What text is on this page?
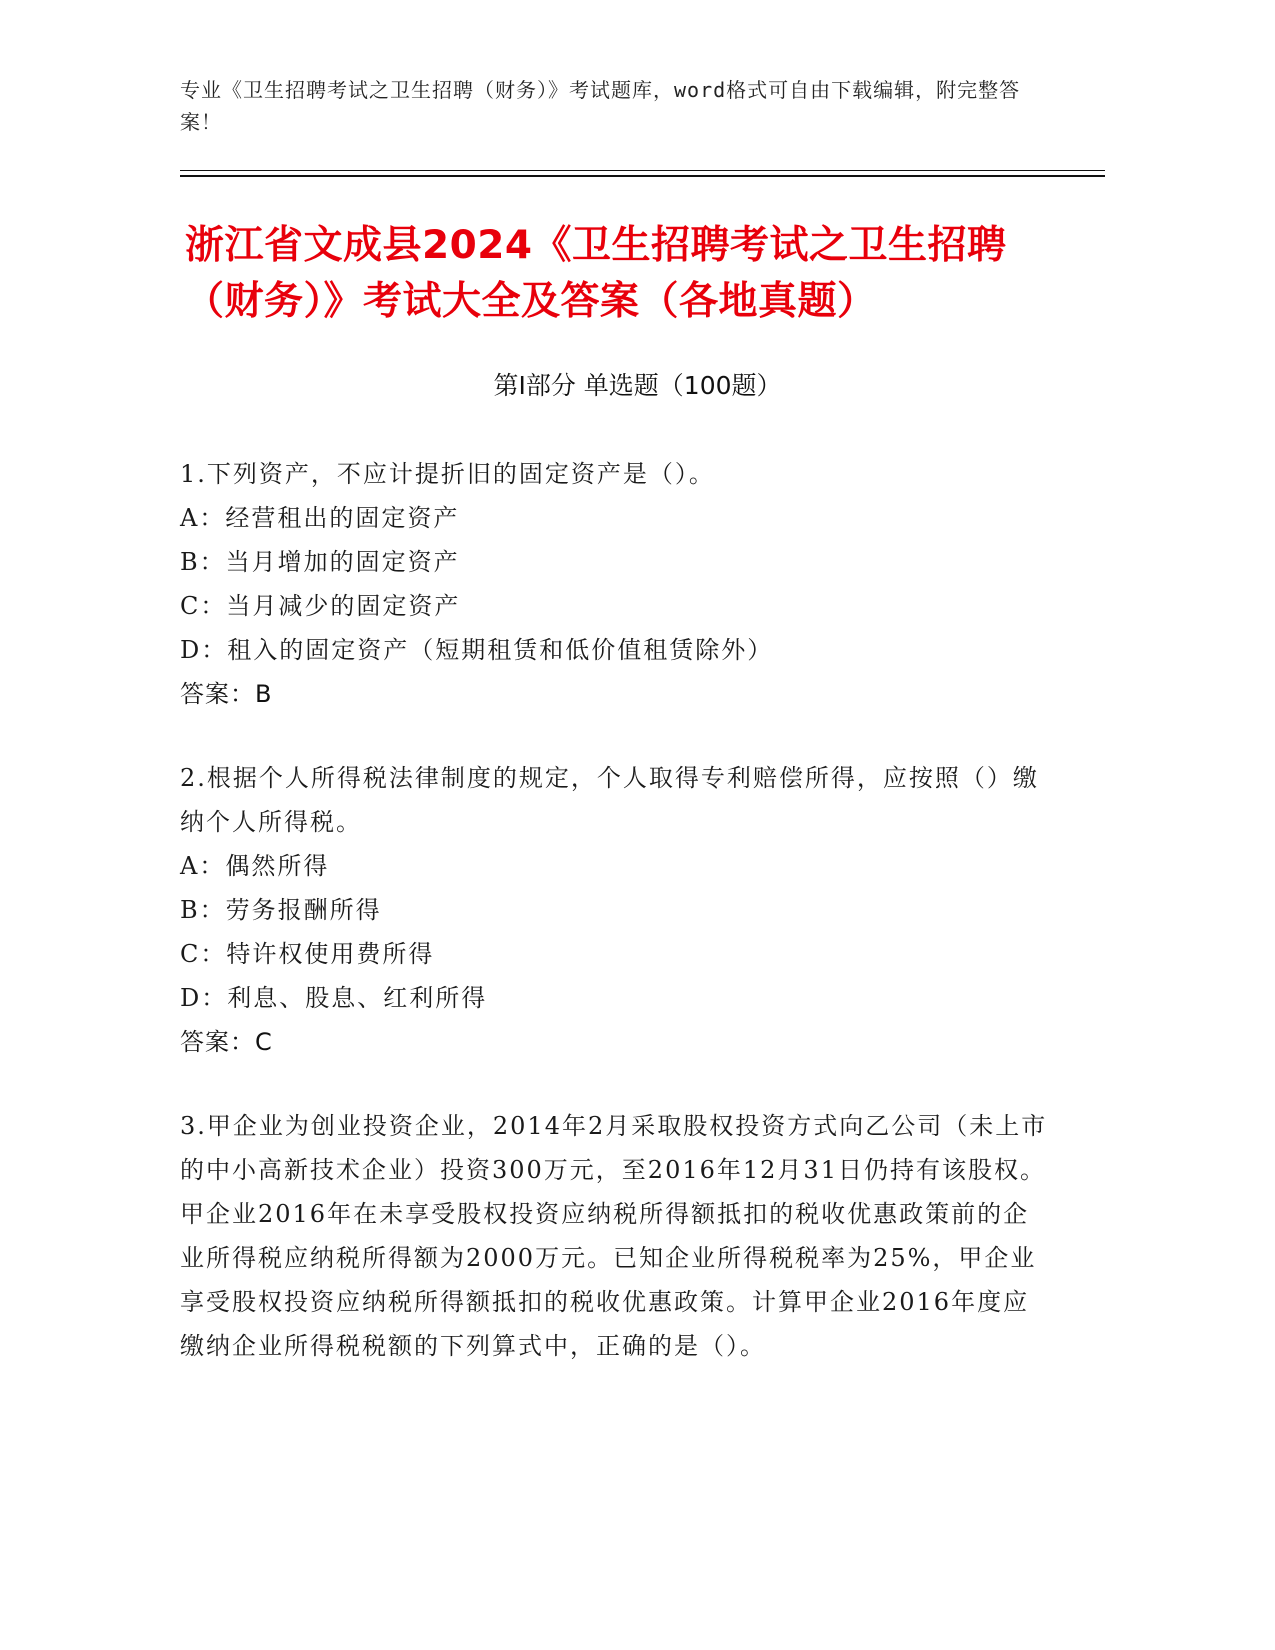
专业《卫生招聘考试之卫生招聘（财务）》考试题库，word格式可自由下载编辑，附完整答案！
浙江省文成县2024《卫生招聘考试之卫生招聘（财务）》考试大全及答案（各地真题）
第I部分 单选题（100题）
1.下列资产，不应计提折旧的固定资产是（）。
A：经营租出的固定资产
B：当月增加的固定资产
C：当月减少的固定资产
D：租入的固定资产（短期租赁和低价值租赁除外）
答案：B
2.根据个人所得税法律制度的规定，个人取得专利赔偿所得，应按照（）缴纳个人所得税。
A：偶然所得
B：劳务报酬所得
C：特许权使用费所得
D：利息、股息、红利所得
答案：C
3.甲企业为创业投资企业，2014年2月采取股权投资方式向乙公司（未上市的中小高新技术企业）投资300万元，至2016年12月31日仍持有该股权。甲企业2016年在未享受股权投资应纳税所得额抵扣的税收优惠政策前的企业所得税应纳税所得额为2000万元。已知企业所得税税率为25%，甲企业享受股权投资应纳税所得额抵扣的税收优惠政策。计算甲企业2016年度应缴纳企业所得税税额的下列算式中，正确的是（）。
